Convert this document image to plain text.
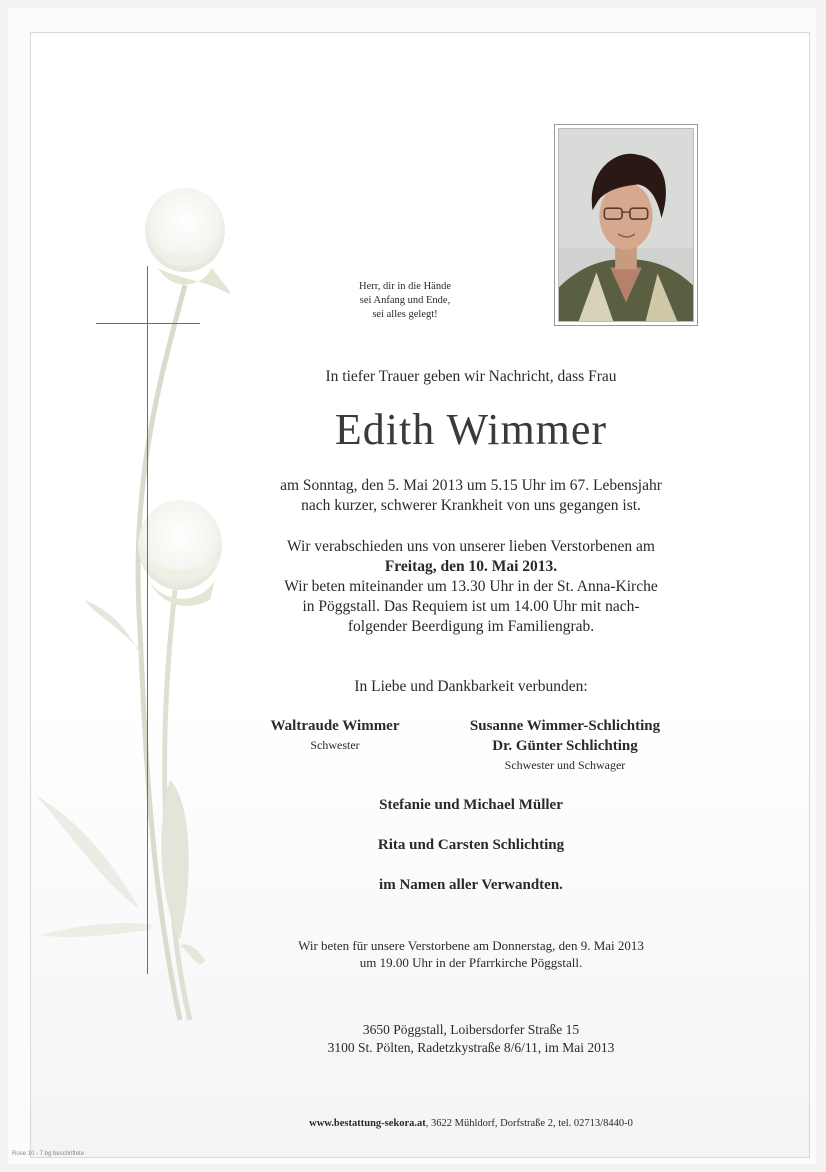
Herr, dir in die Hände
sei Anfang und Ende,
sei alles gelegt!
In tiefer Trauer geben wir Nachricht, dass Frau
Edith Wimmer
am Sonntag, den 5. Mai 2013 um 5.15 Uhr im 67. Lebensjahr
nach kurzer, schwerer Krankheit von uns gegangen ist.
Wir verabschieden uns von unserer lieben Verstorbenen am
Freitag, den 10. Mai 2013.
Wir beten miteinander um 13.30 Uhr in der St. Anna-Kirche
in Pöggstall. Das Requiem ist um 14.00 Uhr mit nach-
folgender Beerdigung im Familiengrab.
In Liebe und Dankbarkeit verbunden:
Waltraude Wimmer
Schwester
Susanne Wimmer-Schlichting
Dr. Günter Schlichting
Schwester und Schwager
Stefanie und Michael Müller
Rita und Carsten Schlichting
im Namen aller Verwandten.
Wir beten für unsere Verstorbene am Donnerstag, den 9. Mai 2013
um 19.00 Uhr in der Pfarrkirche Pöggstall.
3650 Pöggstall, Loibersdorfer Straße 15
3100 St. Pölten, Radetzkystraße 8/6/11, im Mai 2013
www.bestattung-sekora.at, 3622 Mühldorf, Dorfstraße 2, tel. 02713/8440-0
Rose 10 - 7 bg beschriftete
